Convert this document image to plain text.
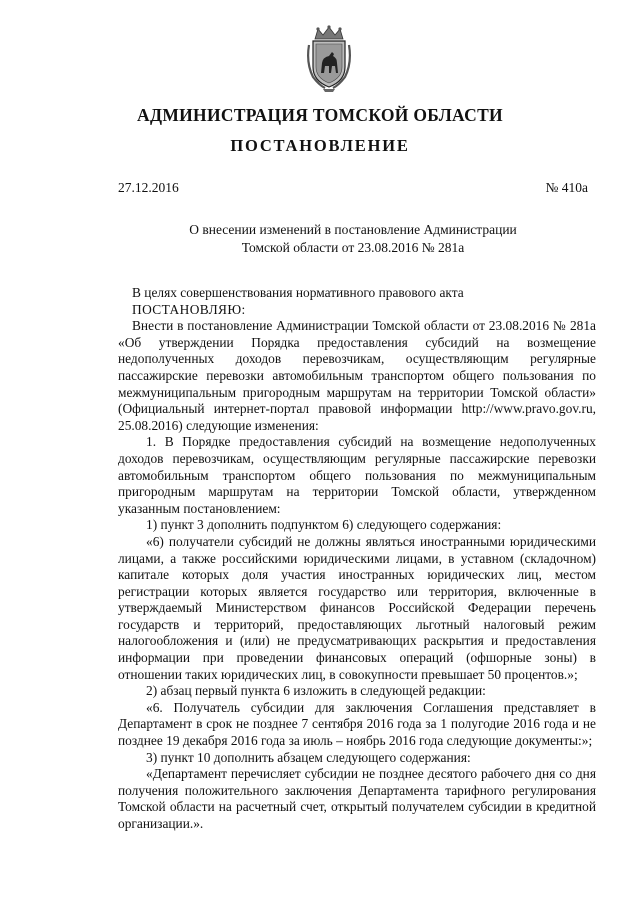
АДМИНИСТРАЦИЯ ТОМСКОЙ ОБЛАСТИ
ПОСТАНОВЛЕНИЕ
27.12.2016	№ 410а
О внесении изменений в постановление Администрации
Томской области от 23.08.2016 № 281а

В целях совершенствования нормативного правового акта

ПОСТАНОВЛЯЮ:

Внести в постановление Администрации Томской области от 23.08.2016 № 281а «Об утверждении Порядка предоставления субсидий на возмещение недополученных доходов перевозчикам, осуществляющим регулярные пассажирские перевозки автомобильным транспортом общего пользования по межмуниципальным пригородным маршрутам на территории Томской области» (Официальный интернет-портал правовой информации http://www.pravo.gov.ru, 25.08.2016) следующие изменения:

1. В Порядке предоставления субсидий на возмещение недополученных доходов перевозчикам, осуществляющим регулярные пассажирские перевозки автомобильным транспортом общего пользования по межмуниципальным пригородным маршрутам на территории Томской области, утвержденном указанным постановлением:

1) пункт 3 дополнить подпунктом 6) следующего содержания:

«6) получатели субсидий не должны являться иностранными юридическими лицами, а также российскими юридическими лицами, в уставном (складочном) капитале которых доля участия иностранных юридических лиц, местом регистрации которых является государство или территория, включенные в утверждаемый Министерством финансов Российской Федерации перечень государств и территорий, предоставляющих льготный налоговый режим налогообложения и (или) не предусматривающих раскрытия и предоставления информации при проведении финансовых операций (офшорные зоны) в отношении таких юридических лиц, в совокупности превышает 50 процентов.»;

2) абзац первый пункта 6 изложить в следующей редакции:

«6. Получатель субсидии для заключения Соглашения представляет в Департамент в срок не позднее 7 сентября 2016 года за 1 полугодие 2016 года и не позднее 19 декабря 2016 года за июль – ноябрь 2016 года следующие документы:»;

3) пункт 10 дополнить абзацем следующего содержания:

«Департамент перечисляет субсидии не позднее десятого рабочего дня со дня получения положительного заключения Департамента тарифного регулирования Томской области на расчетный счет, открытый получателем субсидии в кредитной организации.».
